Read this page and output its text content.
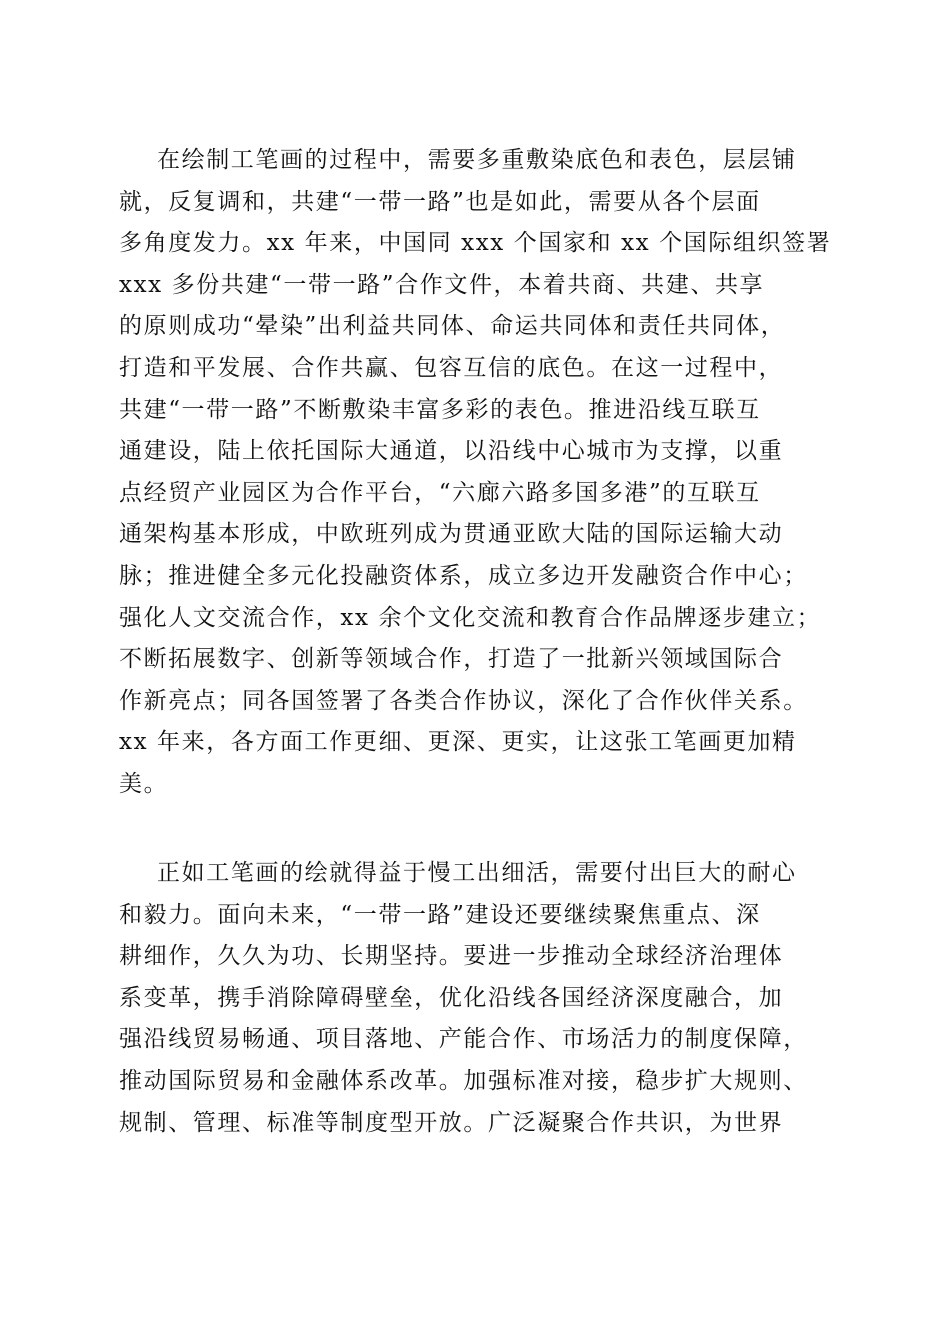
在绘制工笔画的过程中，需要多重敷染底色和表色，层层铺
就，反复调和，共建“一带一路”也是如此，需要从各个层面
多角度发力。xx 年来，中国同 xxx 个国家和 xx 个国际组织签署
xxx 多份共建“一带一路”合作文件，本着共商、共建、共享
的原则成功“晕染”出利益共同体、命运共同体和责任共同体，
打造和平发展、合作共赢、包容互信的底色。在这一过程中，
共建“一带一路”不断敷染丰富多彩的表色。推进沿线互联互
通建设，陆上依托国际大通道，以沿线中心城市为支撑，以重
点经贸产业园区为合作平台，“六廊六路多国多港”的互联互
通架构基本形成，中欧班列成为贯通亚欧大陆的国际运输大动
脉；推进健全多元化投融资体系，成立多边开发融资合作中心；
强化人文交流合作，xx 余个文化交流和教育合作品牌逐步建立；
不断拓展数字、创新等领域合作，打造了一批新兴领域国际合
作新亮点；同各国签署了各类合作协议，深化了合作伙伴关系。
xx 年来，各方面工作更细、更深、更实，让这张工笔画更加精
美。
正如工笔画的绘就得益于慢工出细活，需要付出巨大的耐心
和毅力。面向未来，“一带一路”建设还要继续聚焦重点、深
耕细作，久久为功、长期坚持。要进一步推动全球经济治理体
系变革，携手消除障碍壁垒，优化沿线各国经济深度融合，加
强沿线贸易畅通、项目落地、产能合作、市场活力的制度保障，
推动国际贸易和金融体系改革。加强标准对接，稳步扩大规则、
规制、管理、标准等制度型开放。广泛凝聚合作共识，为世界
